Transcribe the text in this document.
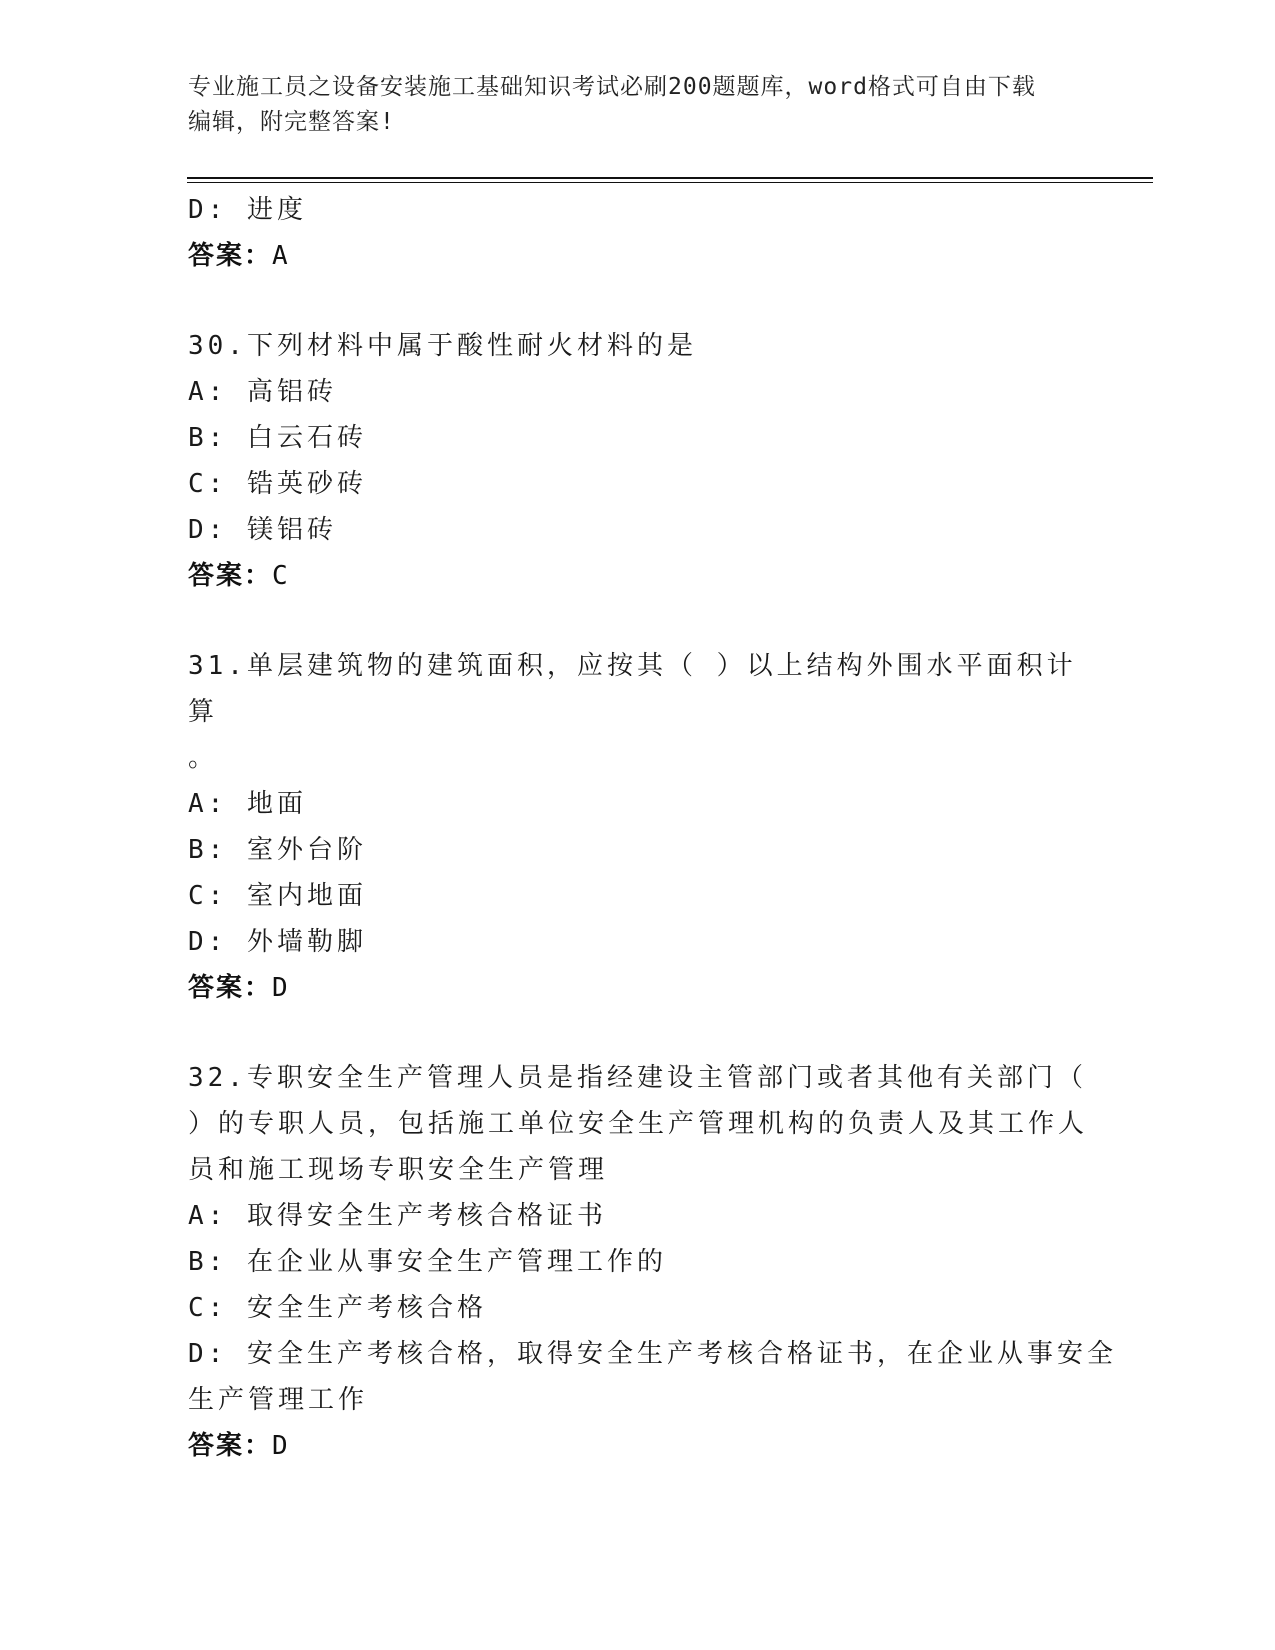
专业施工员之设备安装施工基础知识考试必刷200题题库，word格式可自由下载
编辑，附完整答案!
D: 进度
答案：A
30.下列材料中属于酸性耐火材料的是
A: 高铝砖
B: 白云石砖
C: 锆英砂砖
D: 镁铝砖
答案：C
31.单层建筑物的建筑面积，应按其（ ）以上结构外围水平面积计算
。
A: 地面
B: 室外台阶
C: 室内地面
D: 外墙勒脚
答案：D
32.专职安全生产管理人员是指经建设主管部门或者其他有关部门（
）的专职人员，包括施工单位安全生产管理机构的负责人及其工作人
员和施工现场专职安全生产管理
A: 取得安全生产考核合格证书
B: 在企业从事安全生产管理工作的
C: 安全生产考核合格
D: 安全生产考核合格，取得安全生产考核合格证书，在企业从事安全
生产管理工作
答案：D
